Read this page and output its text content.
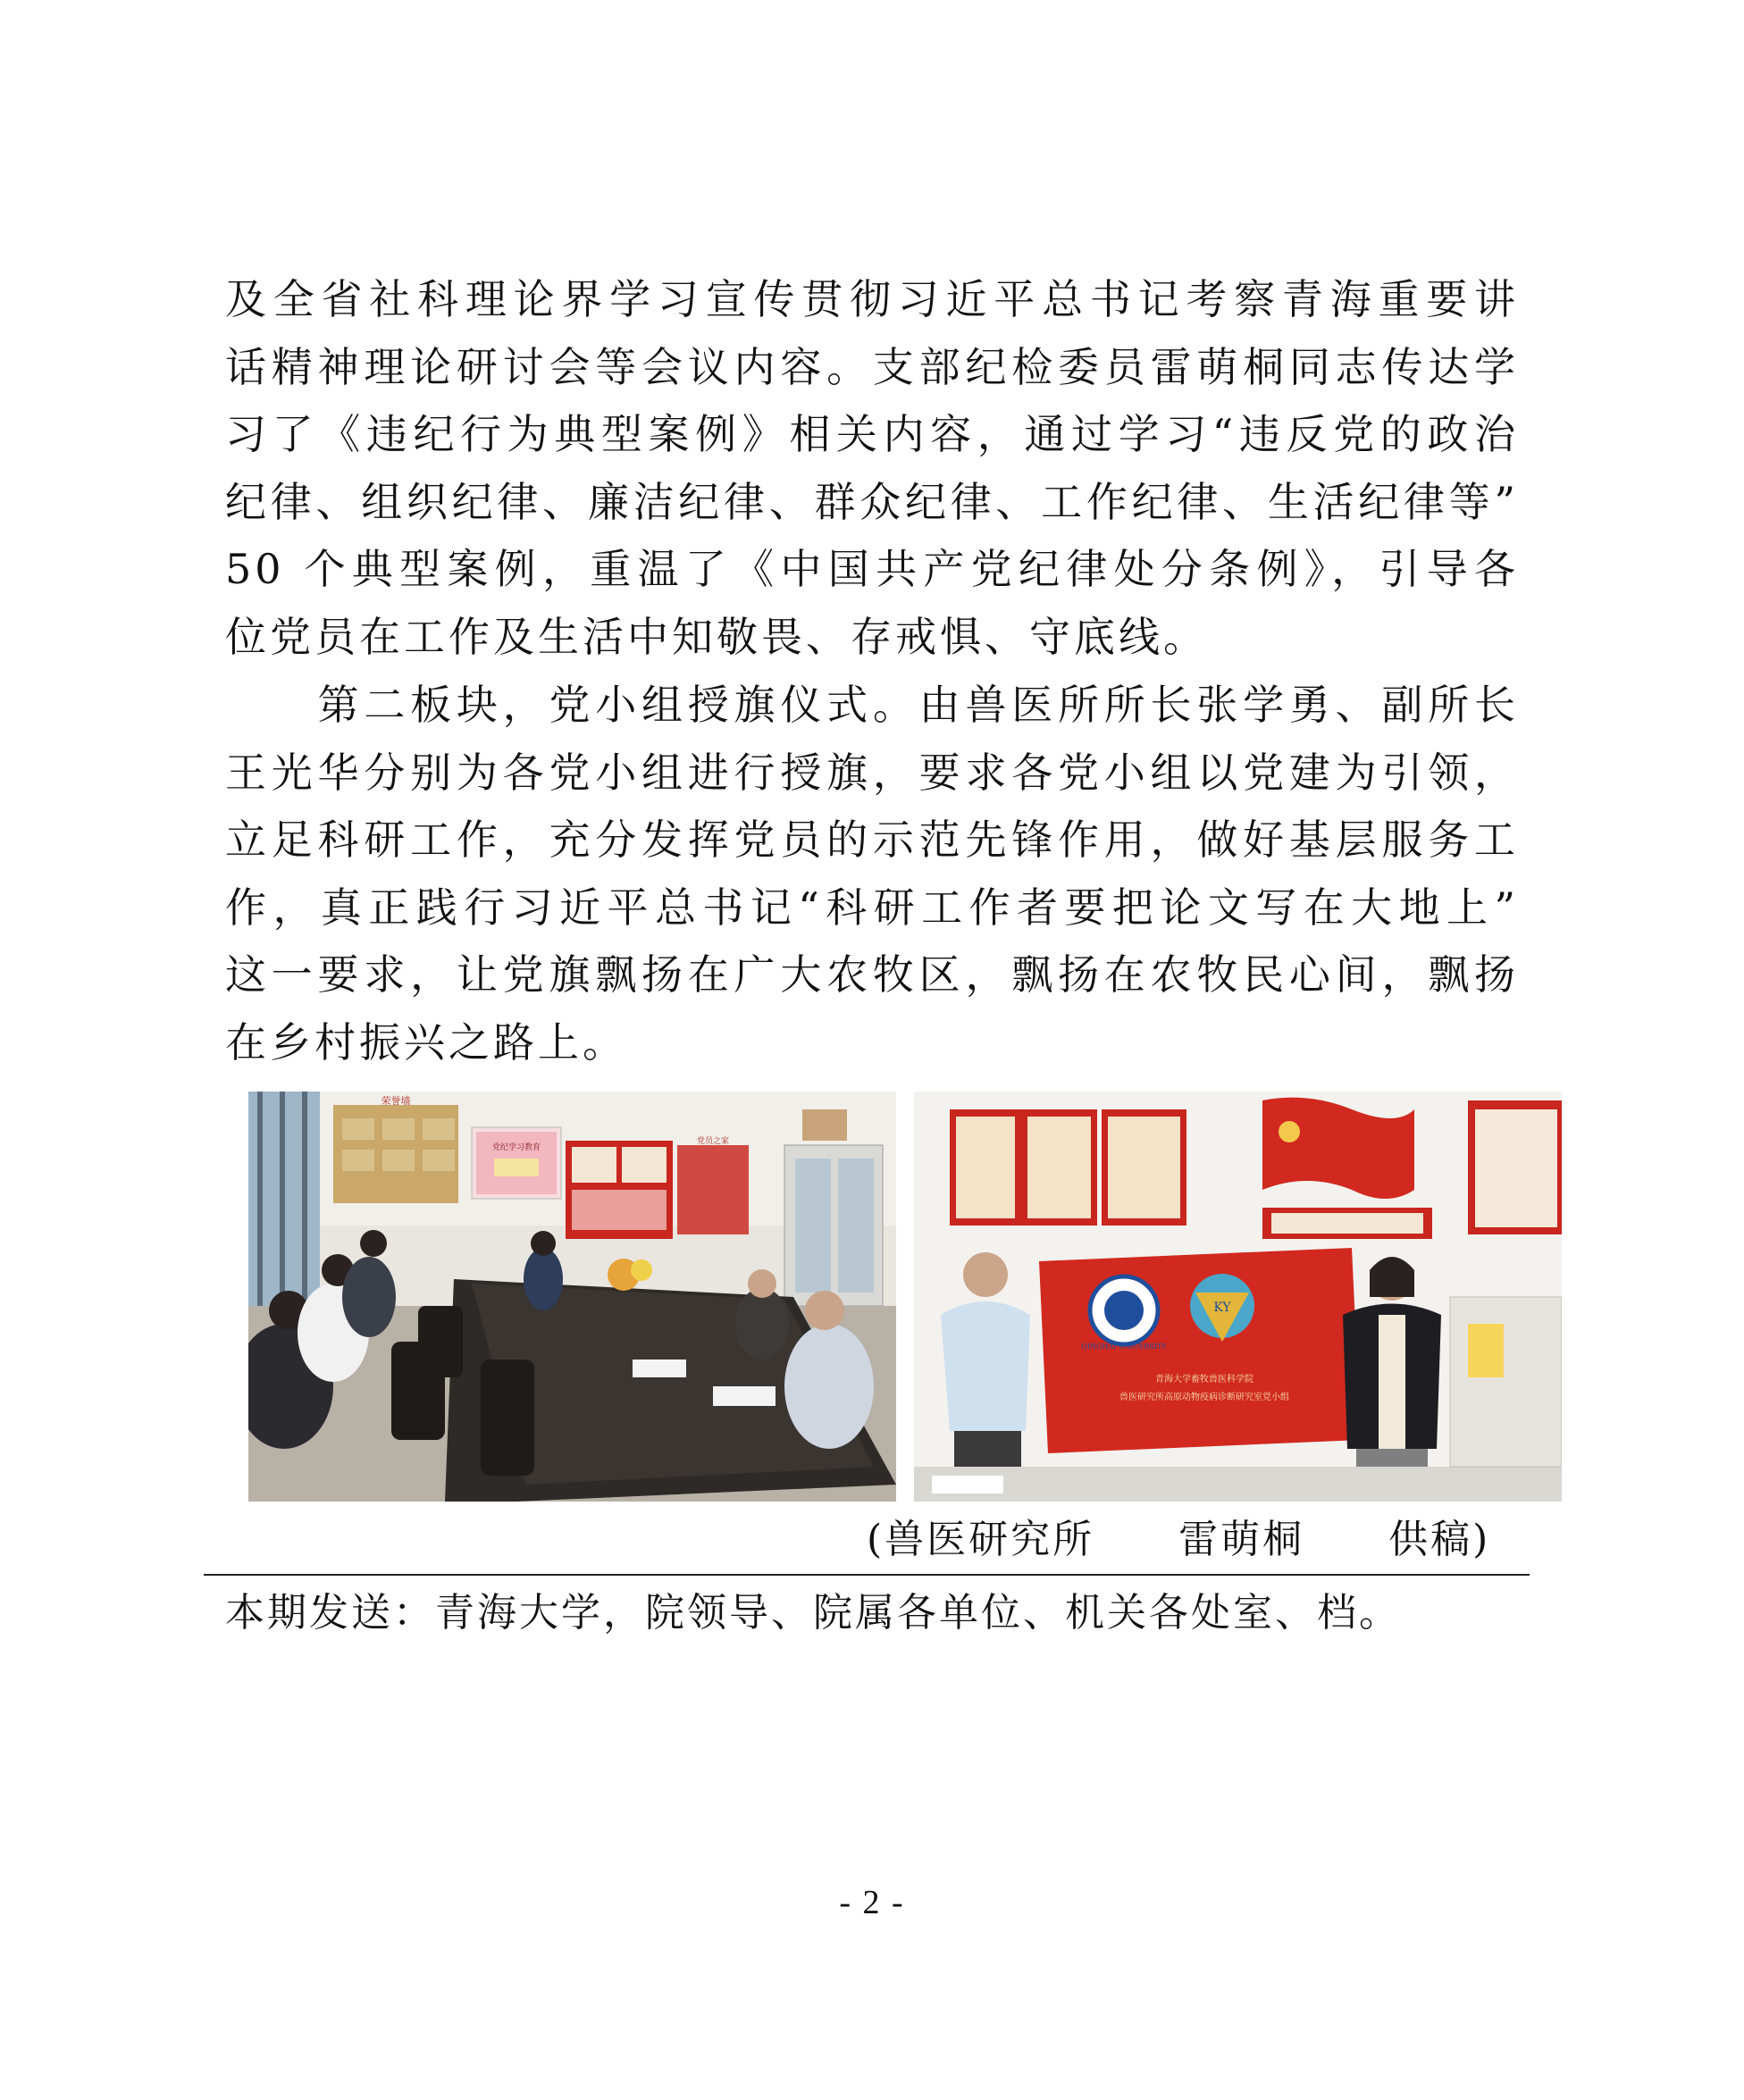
及全省社科理论界学习宣传贯彻习近平总书记考察青海重要讲
话精神理论研讨会等会议内容。支部纪检委员雷萌桐同志传达学
习了《违纪行为典型案例》相关内容，通过学习“违反党的政治
纪律、组织纪律、廉洁纪律、群众纪律、工作纪律、生活纪律等”
50 个典型案例，重温了《中国共产党纪律处分条例》，引导各
位党员在工作及生活中知敬畏、存戒惧、守底线。
　　第二板块，党小组授旗仪式。由兽医所所长张学勇、副所长
王光华分别为各党小组进行授旗，要求各党小组以党建为引领，
立足科研工作，充分发挥党员的示范先锋作用，做好基层服务工
作，真正践行习近平总书记“科研工作者要把论文写在大地上”
这一要求，让党旗飘扬在广大农牧区，飘扬在农牧民心间，飘扬
在乡村振兴之路上。
荣誉墙
党纪学习教育
党员之家
QINGHAI UNIVERSITY
KY
青海大学畜牧兽医科学院
兽医研究所高原动物疫病诊断研究室党小组
(兽医研究所　　雷萌桐　　供稿)
本期发送：青海大学，院领导、院属各单位、机关各处室、档。
- 2 -
